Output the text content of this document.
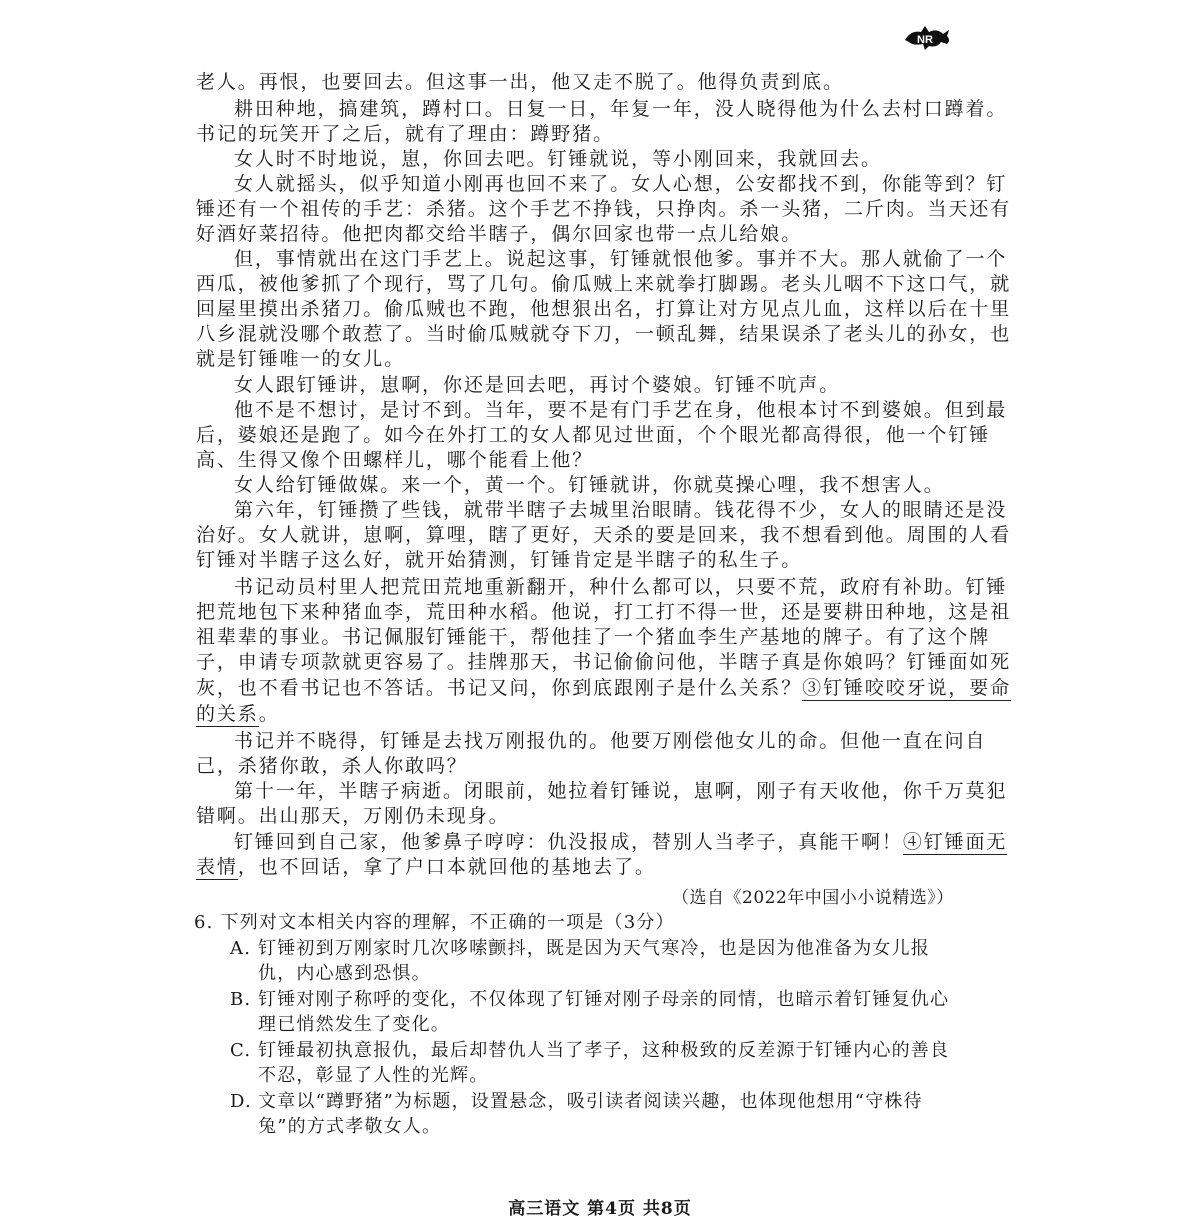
NR
老人。再恨，也要回去。但这事一出，他又走不脱了。他得负责到底。
耕田种地，搞建筑，蹲村口。日复一日，年复一年，没人晓得他为什么去村口蹲着。
书记的玩笑开了之后，就有了理由：蹲野猪。
女人时不时地说，崽，你回去吧。钉锤就说，等小刚回来，我就回去。
女人就摇头，似乎知道小刚再也回不来了。女人心想，公安都找不到，你能等到？钉
锤还有一个祖传的手艺：杀猪。这个手艺不挣钱，只挣肉。杀一头猪，二斤肉。当天还有
好酒好菜招待。他把肉都交给半瞎子，偶尔回家也带一点儿给娘。
但，事情就出在这门手艺上。说起这事，钉锤就恨他爹。事并不大。那人就偷了一个
西瓜，被他爹抓了个现行，骂了几句。偷瓜贼上来就拳打脚踢。老头儿咽不下这口气，就
回屋里摸出杀猪刀。偷瓜贼也不跑，他想狠出名，打算让对方见点儿血，这样以后在十里
八乡混就没哪个敢惹了。当时偷瓜贼就夺下刀，一顿乱舞，结果误杀了老头儿的孙女，也
就是钉锤唯一的女儿。
女人跟钉锤讲，崽啊，你还是回去吧，再讨个婆娘。钉锤不吭声。
他不是不想讨，是讨不到。当年，要不是有门手艺在身，他根本讨不到婆娘。但到最
后，婆娘还是跑了。如今在外打工的女人都见过世面，个个眼光都高得很，他一个钉锤
高、生得又像个田螺样儿，哪个能看上他？
女人给钉锤做媒。来一个，黄一个。钉锤就讲，你就莫操心哩，我不想害人。
第六年，钉锤攒了些钱，就带半瞎子去城里治眼睛。钱花得不少，女人的眼睛还是没
治好。女人就讲，崽啊，算哩，瞎了更好，天杀的要是回来，我不想看到他。周围的人看
钉锤对半瞎子这么好，就开始猜测，钉锤肯定是半瞎子的私生子。
书记动员村里人把荒田荒地重新翻开，种什么都可以，只要不荒，政府有补助。钉锤
把荒地包下来种猪血李，荒田种水稻。他说，打工打不得一世，还是要耕田种地，这是祖
祖辈辈的事业。书记佩服钉锤能干，帮他挂了一个猪血李生产基地的牌子。有了这个牌
子，申请专项款就更容易了。挂牌那天，书记偷偷问他，半瞎子真是你娘吗？钉锤面如死
灰，也不看书记也不答话。书记又问，你到底跟刚子是什么关系？③钉锤咬咬牙说，要命
的关系。
书记并不晓得，钉锤是去找万刚报仇的。他要万刚偿他女儿的命。但他一直在问自
己，杀猪你敢，杀人你敢吗？
第十一年，半瞎子病逝。闭眼前，她拉着钉锤说，崽啊，刚子有天收他，你千万莫犯
错啊。出山那天，万刚仍未现身。
钉锤回到自己家，他爹鼻子哼哼：仇没报成，替别人当孝子，真能干啊！④钉锤面无
表情，也不回话，拿了户口本就回他的基地去了。
（选自《2022年中国小小说精选》）
6. 下列对文本相关内容的理解，不正确的一项是（3分）
A. 钉锤初到万刚家时几次哆嗦颤抖，既是因为天气寒冷，也是因为他准备为女儿报
仇，内心感到恐惧。
B. 钉锤对刚子称呼的变化，不仅体现了钉锤对刚子母亲的同情，也暗示着钉锤复仇心
理已悄然发生了变化。
C. 钉锤最初执意报仇，最后却替仇人当了孝子，这种极致的反差源于钉锤内心的善良
不忍，彰显了人性的光辉。
D. 文章以“蹲野猪”为标题，设置悬念，吸引读者阅读兴趣，也体现他想用“守株待
兔”的方式孝敬女人。
高三语文 第4页 共8页
